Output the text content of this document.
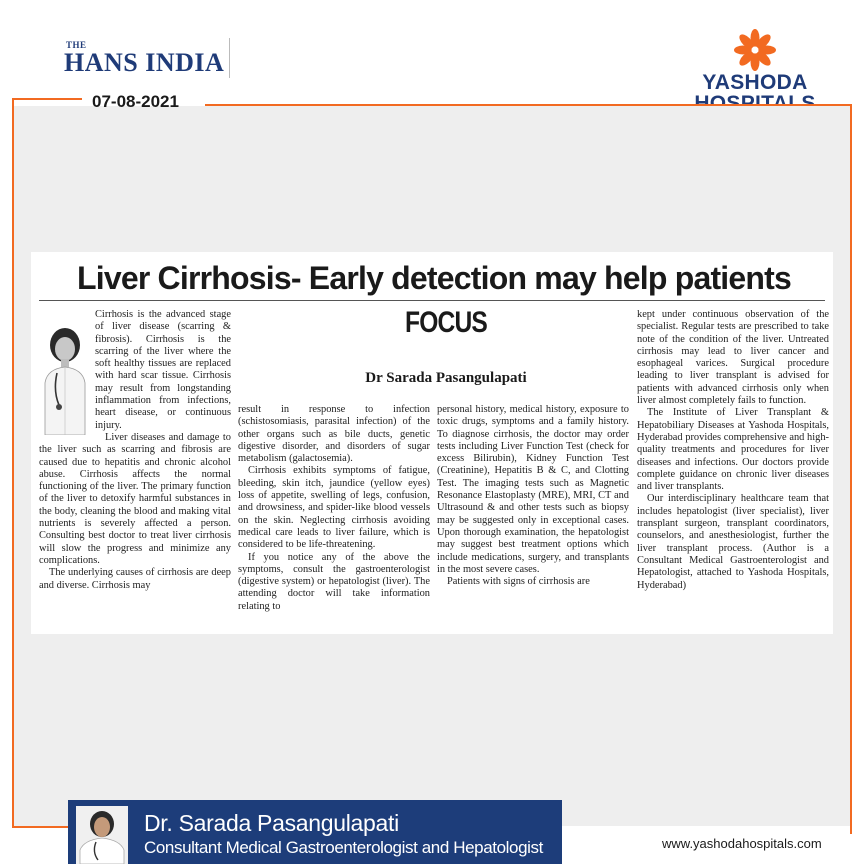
THE
HANS INDIA
YASHODA
07-08-2021
Liver Cirrhosis- Early detection may help patients
FOCUS
Dr Sarada Pasangulapati

Cirrhosis is the advanced stage of liver disease (scarring & fibrosis). Cirrhosis is the scarring of the liver where the soft healthy tissues are replaced with hard scar tissue. Cirrhosis may result from longstanding inflammation from infections, heart disease, or continuous injury.

Liver diseases and damage to the liver such as scarring and fibrosis are caused due to hepatitis and chronic alcohol abuse. Cirrhosis affects the normal functioning of the liver. The primary function of the liver to detoxify harmful substances in the body, cleaning the blood and making vital nutrients is severely affected a person. Consulting best doctor to treat liver cirrhosis will slow the progress and minimize any complications.

The underlying causes of cirrhosis are deep and diverse. Cirrhosis may

result in response to infection (schistosomiasis, parasital infection) of the other organs such as bile ducts, genetic digestive disorder, and disorders of sugar metabolism (galactosemia).

Cirrhosis exhibits symptoms of fatigue, bleeding, skin itch, jaundice (yellow eyes) loss of appetite, swelling of legs, confusion, and drowsiness, and spider-like blood vessels on the skin. Neglecting cirrhosis avoiding medical care leads to liver failure, which is considered to be life-threatening.

If you notice any of the above the symptoms, consult the gastroenterologist (digestive system) or hepatologist (liver). The attending doctor will take information relating to

personal history, medical history, exposure to toxic drugs, symptoms and a family history. To diagnose cirrhosis, the doctor may order tests including Liver Function Test (check for excess Bilirubin), Kidney Function Test (Creatinine), Hepatitis B & C, and Clotting Test. The imaging tests such as Magnetic Resonance Elastoplasty (MRE), MRI, CT and Ultrasound & and other tests such as biopsy may be suggested only in exceptional cases. Upon thorough examination, the hepatologist may suggest best treatment options which include medications, surgery, and transplants in the most severe cases.

Patients with signs of cirrhosis are

kept under continuous observation of the specialist. Regular tests are prescribed to take note of the condition of the liver. Untreated cirrhosis may lead to liver cancer and esophageal varices. Surgical procedure leading to liver transplant is advised for patients with advanced cirrhosis only when liver almost completely fails to function.

The Institute of Liver Transplant & Hepatobiliary Diseases at Yashoda Hospitals, Hyderabad provides comprehensive and high-quality treatments and procedures for liver diseases and infections. Our doctors provide complete guidance on chronic liver diseases and liver transplants.

Our interdisciplinary healthcare team that includes hepatologist (liver specialist), liver transplant surgeon, transplant coordinators, counselors, and anesthesiologist, further the liver transplant process. (Author is a Consultant Medical Gastroenterologist and Hepatologist, attached to Yashoda Hospitals, Hyderabad)

Dr. Sarada Pasangulapati
Consultant Medical Gastroenterologist and Hepatologist	www.yashodahospitals.com
